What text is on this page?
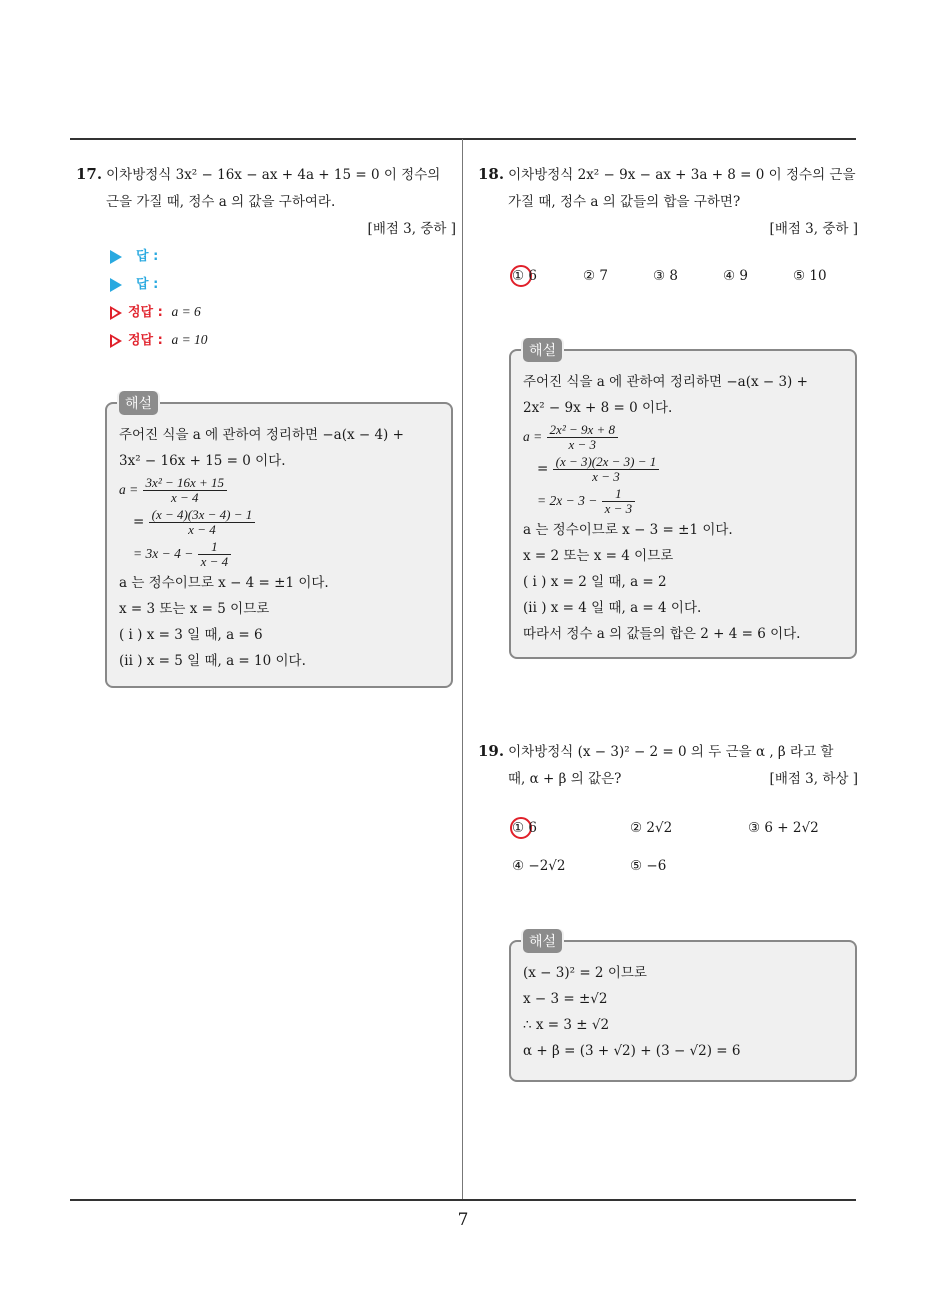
7
17. 이차방정식 3x² − 16x − ax + 4a + 15 = 0 이 정수의
근을 가질 때, 정수 a 의 값을 구하여라.
[배점 3, 중하 ]
답 :
답 :
정답 : a = 6
정답 : a = 10
해설
주어진 식을 a 에 관하여 정리하면 −a(x − 4) +
3x² − 16x + 15 = 0 이다.
$a = \frac{\text{3x² − 16x + 15}}{x - 4}$
= $\frac{(x - 4)(3x - 4) - 1}{x - 4}$
= $3x - 4 - \frac{1}{x - 4}$
a 는 정수이므로 x − 4 = ±1 이다.
x = 3 또는 x = 5 이므로
( i ) x = 3 일 때, a = 6
(ii ) x = 5 일 때, a = 10 이다.
18. 이차방정식 2x² − 9x − ax + 3a + 8 = 0 이 정수의 근을
가질 때, 정수 a 의 값들의 합을 구하면?
[배점 3, 중하 ]
① 6	② 7	③ 8	④ 9	⑤ 10
해설
주어진 식을 a 에 관하여 정리하면 −a(x − 3) +
2x² − 9x + 8 = 0 이다.
$a = \frac{\text{2x² − 9x + 8}}{x - 3}$
= $\frac{(x - 3)(2x - 3) - 1}{x - 3}$
= $2x - 3 - \frac{1}{x - 3}$
a 는 정수이므로 x − 3 = ±1 이다.
x = 2 또는 x = 4 이므로
( i ) x = 2 일 때, a = 2
(ii ) x = 4 일 때, a = 4 이다.
따라서 정수 a 의 값들의 합은 2 + 4 = 6 이다.
19. 이차방정식 (x − 3)² − 2 = 0 의 두 근을 α , β 라고 할
때, α + β 의 값은?	[배점 3, 하상 ]
① 6	② 2√2	③ 6 + 2√2
④ −2√2	⑤ −6
해설
(x − 3)² = 2 이므로
x − 3 = ±√2
∴ x = 3 ± √2
α + β = (3 + √2) + (3 − √2) = 6
